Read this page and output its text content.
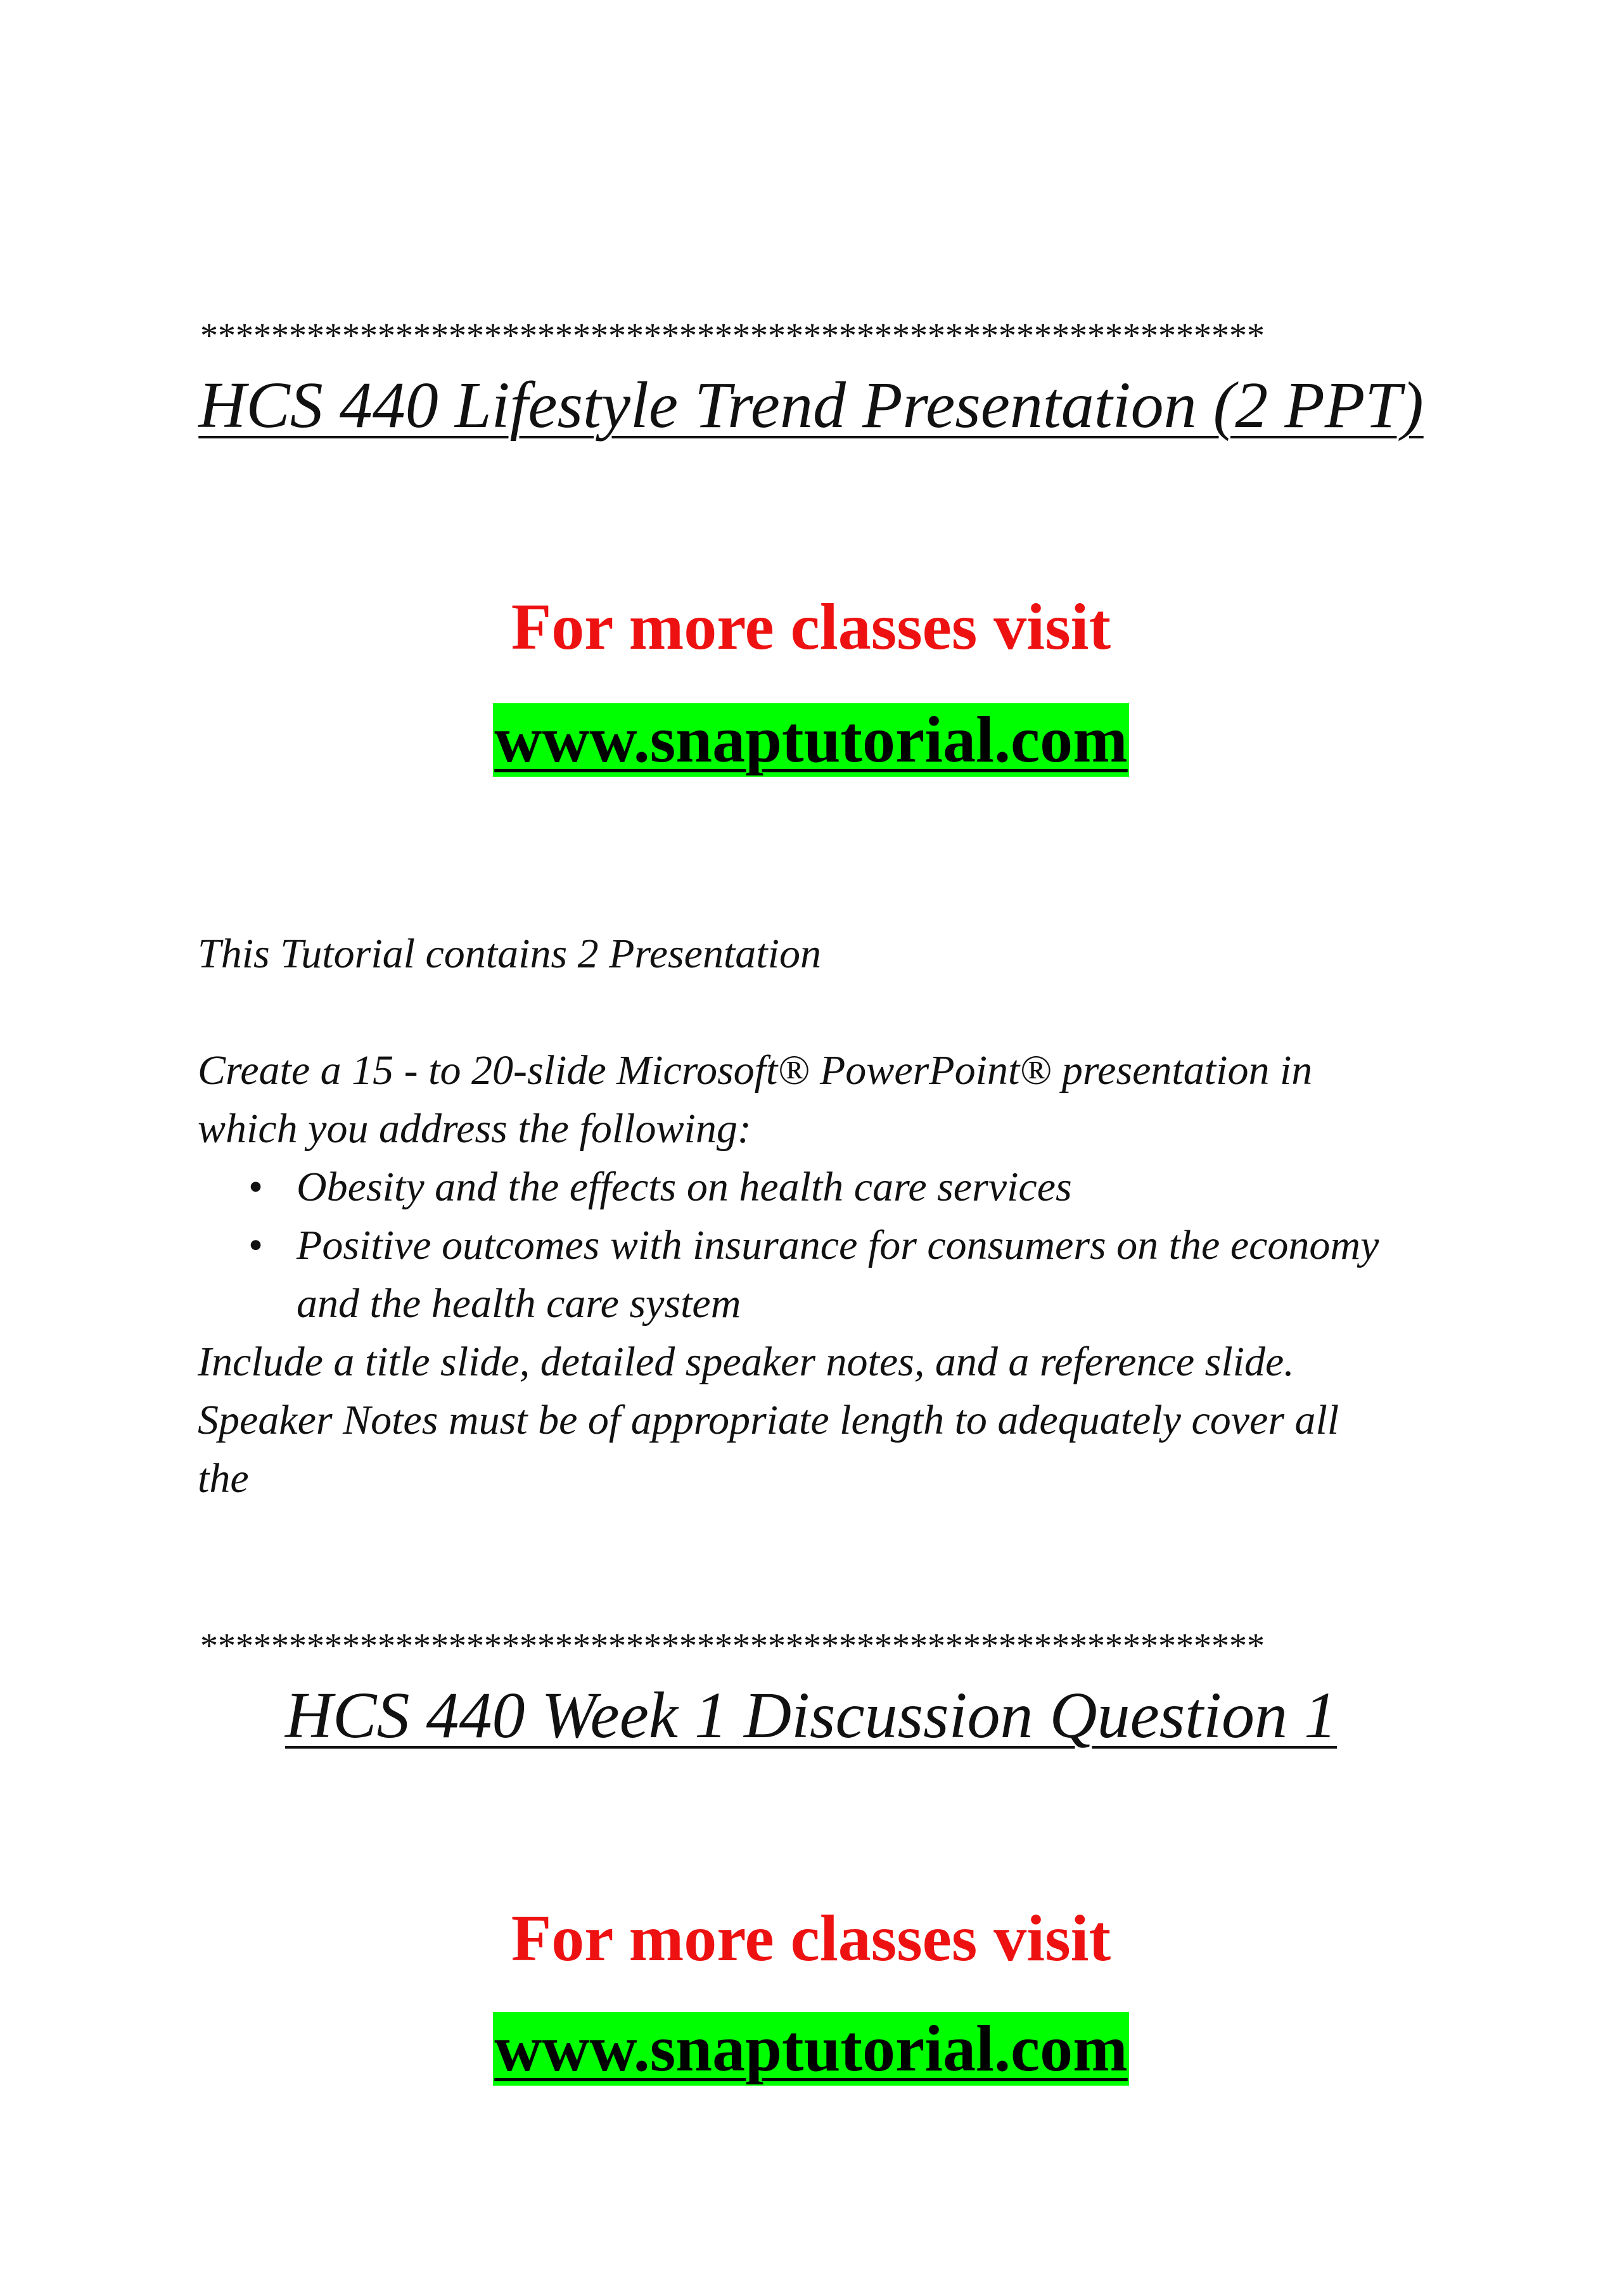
************************************************************
HCS 440 Lifestyle Trend Presentation (2 PPT)
For more classes visit
www.snaptutorial.com
This Tutorial contains 2 Presentation
Create a 15 - to 20-slide Microsoft® PowerPoint® presentation in
which you address the following:
• Obesity and the effects on health care services
• Positive outcomes with insurance for consumers on the economy
and the health care system
Include a title slide, detailed speaker notes, and a reference slide.
Speaker Notes must be of appropriate length to adequately cover all
the
************************************************************
HCS 440 Week 1 Discussion Question 1
For more classes visit
www.snaptutorial.com
